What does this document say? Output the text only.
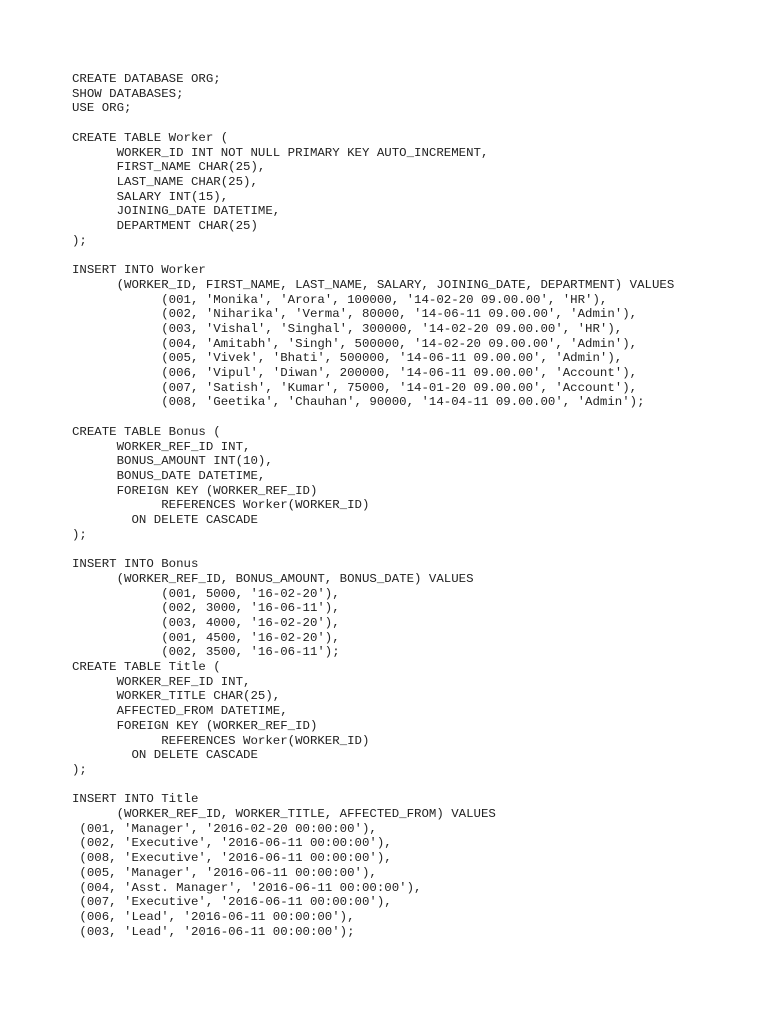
CREATE DATABASE ORG;
SHOW DATABASES;
USE ORG;
CREATE TABLE Worker (
WORKER_ID INT NOT NULL PRIMARY KEY AUTO_INCREMENT,
FIRST_NAME CHAR(25),
LAST_NAME CHAR(25),
SALARY INT(15),
JOINING_DATE DATETIME,
DEPARTMENT CHAR(25)
);
INSERT INTO Worker
(WORKER_ID, FIRST_NAME, LAST_NAME, SALARY, JOINING_DATE, DEPARTMENT) VALUES
(001, 'Monika', 'Arora', 100000, '14-02-20 09.00.00', 'HR'),
(002, 'Niharika', 'Verma', 80000, '14-06-11 09.00.00', 'Admin'),
(003, 'Vishal', 'Singhal', 300000, '14-02-20 09.00.00', 'HR'),
(004, 'Amitabh', 'Singh', 500000, '14-02-20 09.00.00', 'Admin'),
(005, 'Vivek', 'Bhati', 500000, '14-06-11 09.00.00', 'Admin'),
(006, 'Vipul', 'Diwan', 200000, '14-06-11 09.00.00', 'Account'),
(007, 'Satish', 'Kumar', 75000, '14-01-20 09.00.00', 'Account'),
(008, 'Geetika', 'Chauhan', 90000, '14-04-11 09.00.00', 'Admin');
CREATE TABLE Bonus (
WORKER_REF_ID INT,
BONUS_AMOUNT INT(10),
BONUS_DATE DATETIME,
FOREIGN KEY (WORKER_REF_ID)
REFERENCES Worker(WORKER_ID)
ON DELETE CASCADE
);
INSERT INTO Bonus
(WORKER_REF_ID, BONUS_AMOUNT, BONUS_DATE) VALUES
(001, 5000, '16-02-20'),
(002, 3000, '16-06-11'),
(003, 4000, '16-02-20'),
(001, 4500, '16-02-20'),
(002, 3500, '16-06-11');
CREATE TABLE Title (
WORKER_REF_ID INT,
WORKER_TITLE CHAR(25),
AFFECTED_FROM DATETIME,
FOREIGN KEY (WORKER_REF_ID)
REFERENCES Worker(WORKER_ID)
ON DELETE CASCADE
);
INSERT INTO Title
(WORKER_REF_ID, WORKER_TITLE, AFFECTED_FROM) VALUES
(001, 'Manager', '2016-02-20 00:00:00'),
(002, 'Executive', '2016-06-11 00:00:00'),
(008, 'Executive', '2016-06-11 00:00:00'),
(005, 'Manager', '2016-06-11 00:00:00'),
(004, 'Asst. Manager', '2016-06-11 00:00:00'),
(007, 'Executive', '2016-06-11 00:00:00'),
(006, 'Lead', '2016-06-11 00:00:00'),
(003, 'Lead', '2016-06-11 00:00:00');
